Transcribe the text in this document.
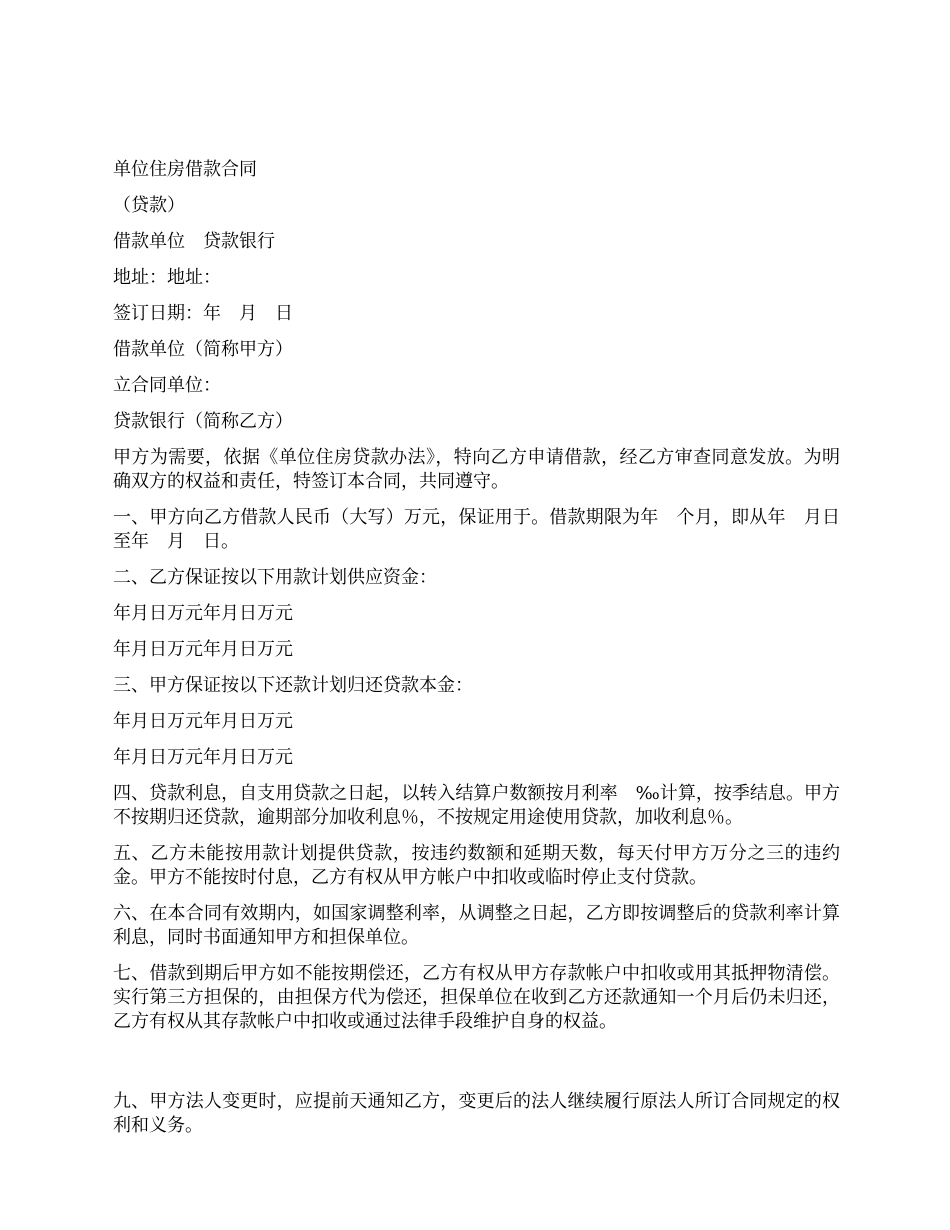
单位住房借款合同

（贷款）

借款单位　贷款银行

地址：地址：

签订日期：年　月　日

借款单位（简称甲方）

立合同单位：

贷款银行（简称乙方）

甲方为需要，依据《单位住房贷款办法》，特向乙方申请借款，经乙方审查同意发放。为明确双方的权益和责任，特签订本合同，共同遵守。

一、甲方向乙方借款人民币（大写）万元，保证用于。借款期限为年　个月，即从年　月日至年　月　日。

二、乙方保证按以下用款计划供应资金：

年月日万元年月日万元

年月日万元年月日万元

三、甲方保证按以下还款计划归还贷款本金：

年月日万元年月日万元

年月日万元年月日万元

四、贷款利息，自支用贷款之日起，以转入结算户数额按月利率　‰计算，按季结息。甲方不按期归还贷款，逾期部分加收利息％，不按规定用途使用贷款，加收利息％。

五、乙方未能按用款计划提供贷款，按违约数额和延期天数，每天付甲方万分之三的违约金。甲方不能按时付息，乙方有权从甲方帐户中扣收或临时停止支付贷款。

六、在本合同有效期内，如国家调整利率，从调整之日起，乙方即按调整后的贷款利率计算利息，同时书面通知甲方和担保单位。

七、借款到期后甲方如不能按期偿还，乙方有权从甲方存款帐户中扣收或用其抵押物清偿。实行第三方担保的，由担保方代为偿还，担保单位在收到乙方还款通知一个月后仍未归还，乙方有权从其存款帐户中扣收或通过法律手段维护自身的权益。

九、甲方法人变更时，应提前天通知乙方，变更后的法人继续履行原法人所订合同规定的权利和义务。
